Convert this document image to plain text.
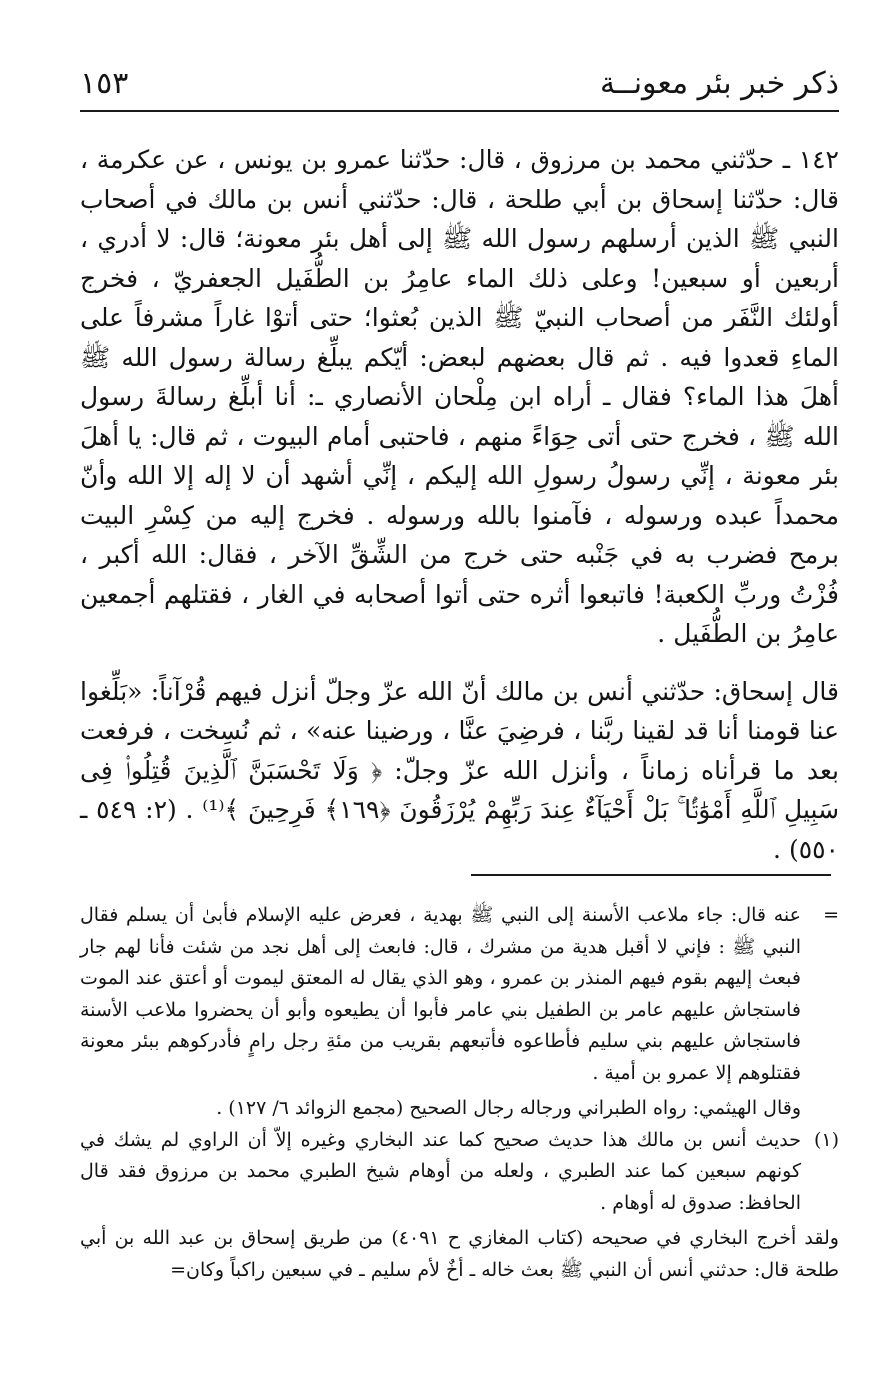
ذكر خبر بئر معونــة
١٥٣

١٤٢ ـ حدّثني محمد بن مرزوق ، قال: حدّثنا عمرو بن يونس ، عن عكرمة ، قال: حدّثنا إسحاق بن أبي طلحة ، قال: حدّثني أنس بن مالك في أصحاب النبي ﷺ الذين أرسلهم رسول الله ﷺ إلى أهل بئر معونة؛ قال: لا أدري ، أربعين أو سبعين! وعلى ذلك الماء عامِرُ بن الطُّفَيل الجعفريّ ، فخرج أولئك النَّفَر من أصحاب النبيّ ﷺ الذين بُعثوا؛ حتى أتوْا غاراً مشرفاً على الماءِ قعدوا فيه . ثم قال بعضهم لبعض: أيّكم يبلِّغ رسالة رسول الله ﷺ أهلَ هذا الماء؟ فقال ـ أراه ابن مِلْحان الأنصاري ـ: أنا أبلِّغ رسالةَ رسول الله ﷺ ، فخرج حتى أتى حِوَاءً منهم ، فاحتبى أمام البيوت ، ثم قال: يا أهلَ بئر معونة ، إنِّي رسولُ رسولِ الله إليكم ، إنِّي أشهد أن لا إله إلا الله وأنّ محمداً عبده ورسوله ، فآمنوا بالله ورسوله . فخرج إليه من كِسْرِ البيت برمح فضرب به في جَنْبه حتى خرج من الشِّقِّ الآخر ، فقال: الله أكبر ، فُزْتُ وربِّ الكعبة! فاتبعوا أثره حتى أتوا أصحابه في الغار ، فقتلهم أجمعين عامِرُ بن الطُّفَيل .

قال إسحاق: حدّثني أنس بن مالك أنّ الله عزّ وجلّ أنزل فيهم قُرْآناً: «بَلِّغوا عنا قومنا أنا قد لقينا ربَّنا ، فرضِيَ عنَّا ، ورضينا عنه» ، ثم نُسِخت ، فرفعت بعد ما قرأناه زماناً ، وأنزل الله عزّ وجلّ: ﴿ وَلَا تَحْسَبَنَّ ٱلَّذِينَ قُتِلُوا۟ فِى سَبِيلِ ٱللَّهِ أَمْوَٰتًۢا ۚ بَلْ أَحْيَآءٌ عِندَ رَبِّهِمْ يُرْزَقُونَ ﴿١٦٩﴾ فَرِحِينَ ﴾⁽¹⁾ . (٢: ٥٤٩ ـ ٥٥٠) .

=

عنه قال: جاء ملاعب الأسنة إلى النبي ﷺ بهدية ، فعرض عليه الإسلام فأبىٰ أن يسلم فقال النبي ﷺ : فإني لا أقبل هدية من مشرك ، قال: فابعث إلى أهل نجد من شئت فأنا لهم جار فبعث إليهم بقوم فيهم المنذر بن عمرو ، وهو الذي يقال له المعتق ليموت أو أعتق عند الموت فاستجاش عليهم عامر بن الطفيل بني عامر فأبوا أن يطيعوه وأبو أن يحضروا ملاعب الأسنة فاستجاش عليهم بني سليم فأطاعوه فأتبعهم بقريب من مئةِ رجل رامٍ فأدركوهم ببئر معونة فقتلوهم إلا عمرو بن أمية .

وقال الهيثمي: رواه الطبراني ورجاله رجال الصحيح (مجمع الزوائد ٦/ ١٢٧) .

(١)

حديث أنس بن مالك هذا حديث صحيح كما عند البخاري وغيره إلاّ أن الراوي لم يشك في كونهم سبعين كما عند الطبري ، ولعله من أوهام شيخ الطبري محمد بن مرزوق فقد قال الحافظ: صدوق له أوهام .

ولقد أخرج البخاري في صحيحه (كتاب المغازي ح ٤٠٩١) من طريق إسحاق بن عبد الله بن أبي طلحة قال: حدثني أنس أن النبي ﷺ بعث خاله ـ أخٌ لأم سليم ـ في سبعين راكباً وكان=
